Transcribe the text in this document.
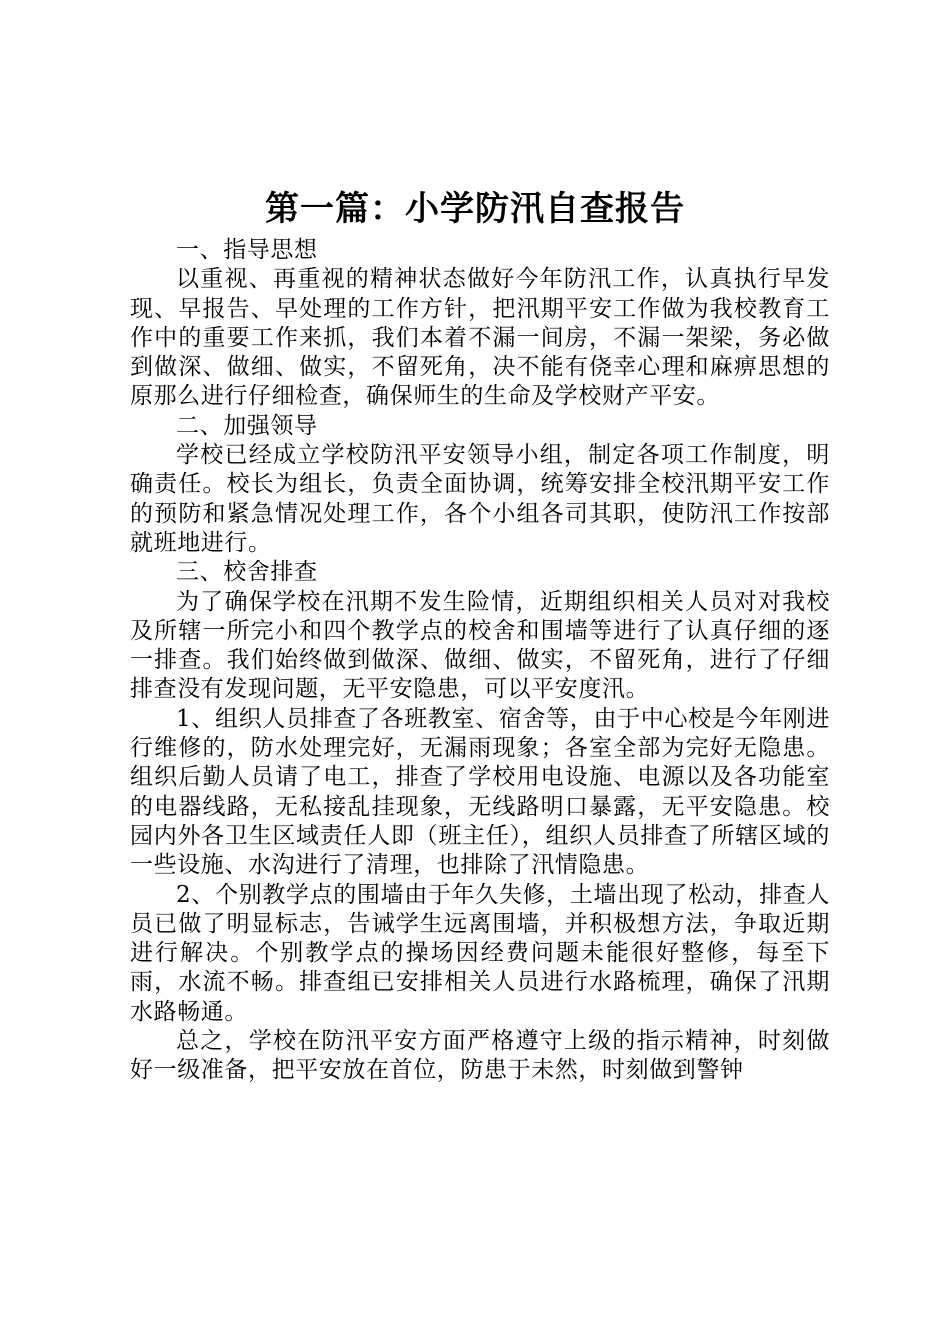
第一篇：小学防汛自查报告

一、指导思想

以重视、再重视的精神状态做好今年防汛工作，认真执行早发现、早报告、早处理的工作方针，把汛期平安工作做为我校教育工作中的重要工作来抓，我们本着不漏一间房，不漏一架梁，务必做到做深、做细、做实，不留死角，决不能有侥幸心理和麻痹思想的原那么进行仔细检查，确保师生的生命及学校财产平安。

二、加强领导

学校已经成立学校防汛平安领导小组，制定各项工作制度，明确责任。校长为组长，负责全面协调，统筹安排全校汛期平安工作的预防和紧急情况处理工作，各个小组各司其职，使防汛工作按部就班地进行。

三、校舍排查

为了确保学校在汛期不发生险情，近期组织相关人员对对我校及所辖一所完小和四个教学点的校舍和围墙等进行了认真仔细的逐一排查。我们始终做到做深、做细、做实，不留死角，进行了仔细排查没有发现问题，无平安隐患，可以平安度汛。

1、组织人员排查了各班教室、宿舍等，由于中心校是今年刚进行维修的，防水处理完好，无漏雨现象；各室全部为完好无隐患。组织后勤人员请了电工，排查了学校用电设施、电源以及各功能室的电器线路，无私接乱挂现象，无线路明口暴露，无平安隐患。校园内外各卫生区域责任人即（班主任），组织人员排查了所辖区域的一些设施、水沟进行了清理，也排除了汛情隐患。

2、个别教学点的围墙由于年久失修，土墙出现了松动，排查人员已做了明显标志，告诫学生远离围墙，并积极想方法，争取近期进行解决。个别教学点的操场因经费问题未能很好整修，每至下雨，水流不畅。排查组已安排相关人员进行水路梳理，确保了汛期水路畅通。

总之，学校在防汛平安方面严格遵守上级的指示精神，时刻做好一级准备，把平安放在首位，防患于未然，时刻做到警钟
